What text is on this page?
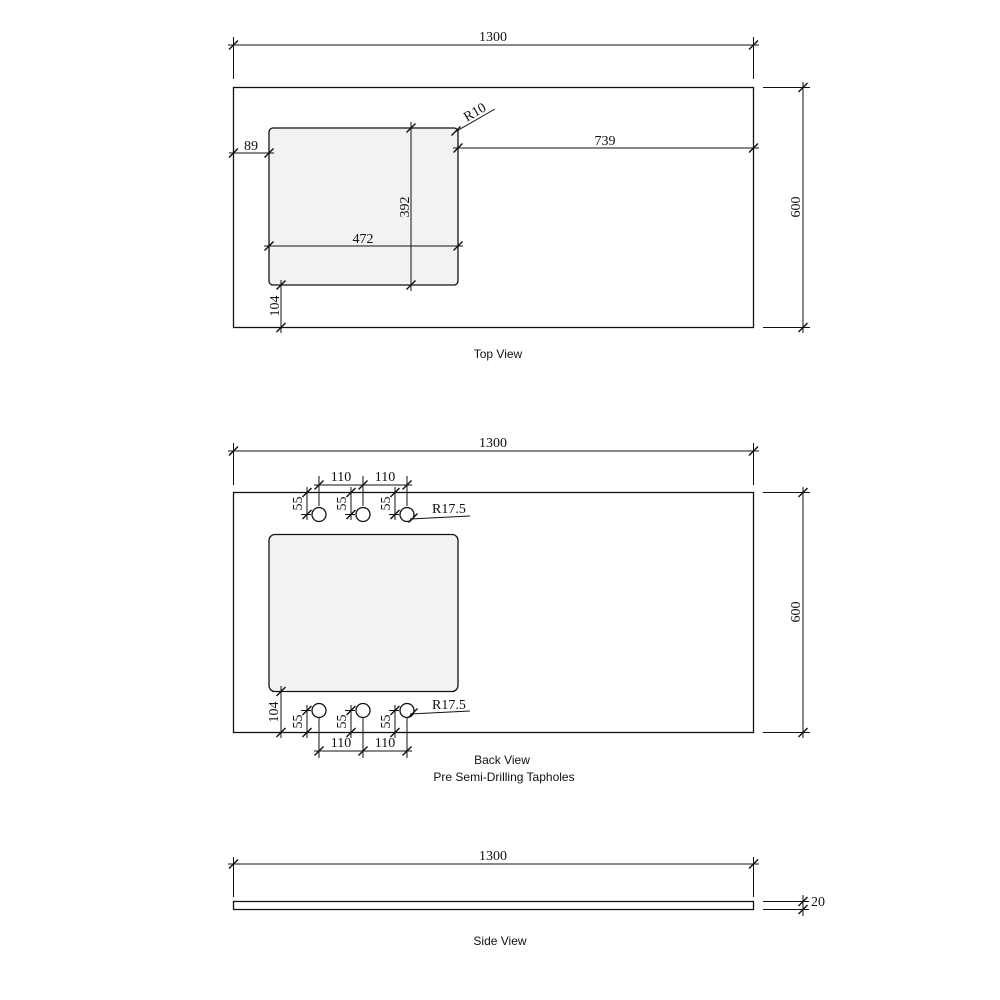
1300
600
89	739
R10
392
472
104
Top View
1300
600
110 110
55 55 55	R17.5
104 55 55 55
110 110
R17.5
Back View
Pre Semi-Drilling Tapholes
1300
20
Side View
